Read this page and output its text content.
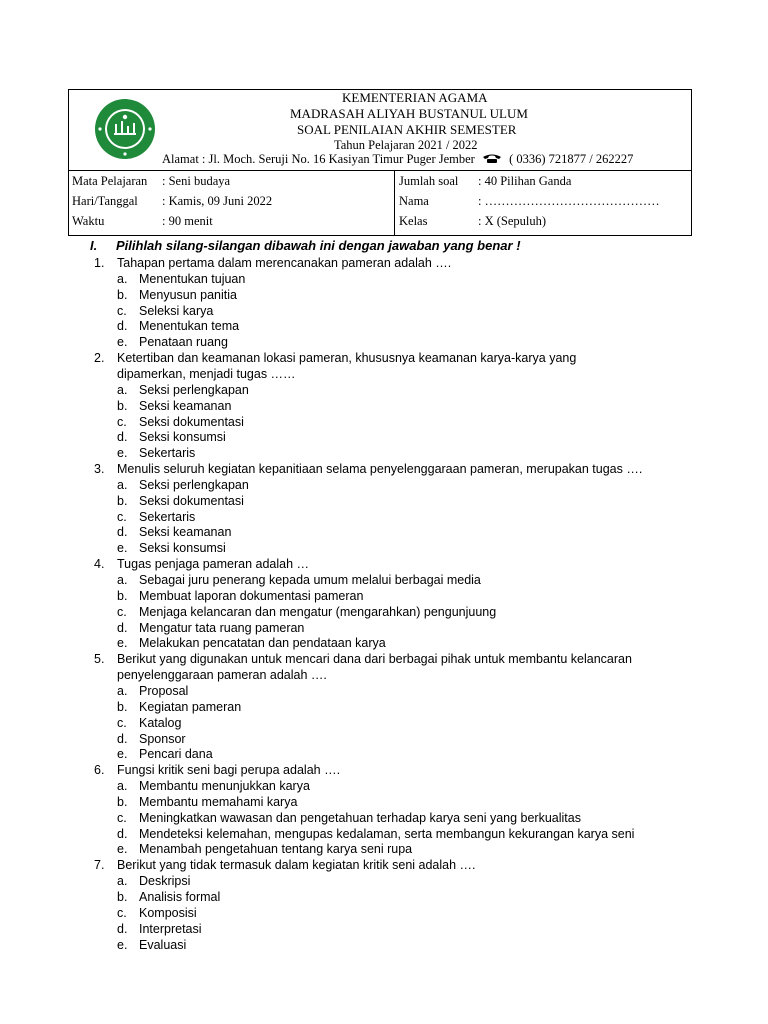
KEMENTERIAN AGAMA
MADRASAH ALIYAH BUSTANUL ULUM
SOAL PENILAIAN AKHIR SEMESTER
Tahun Pelajaran 2021 / 2022
Alamat : Jl. Moch. Seruji No. 16 Kasiyan Timur Puger Jember	( 0336) 721877 / 262227
Mata Pelajaran : Seni budaya
Hari/Tanggal : Kamis, 09 Juni 2022
Waktu	: 90 menit
Jumlah soal : 40 Pilihan Ganda
Nama	: ……………………………………
Kelas	: X (Sepuluh)
I. Pilihlah silang-silangan dibawah ini dengan jawaban yang benar !
1. Tahapan pertama dalam merencanakan pameran adalah ….
a. Menentukan tujuan
b. Menyusun panitia
c. Seleksi karya
d. Menentukan tema
e. Penataan ruang
2. Ketertiban dan keamanan lokasi pameran, khususnya keamanan karya-karya yang
dipamerkan, menjadi tugas ……
a. Seksi perlengkapan
b. Seksi keamanan
c. Seksi dokumentasi
d. Seksi konsumsi
e. Sekertaris
3. Menulis seluruh kegiatan kepanitiaan selama penyelenggaraan pameran, merupakan tugas ….
a. Seksi perlengkapan
b. Seksi dokumentasi
c. Sekertaris
d. Seksi keamanan
e. Seksi konsumsi
4. Tugas penjaga pameran adalah …
a. Sebagai juru penerang kepada umum melalui berbagai media
b. Membuat laporan dokumentasi pameran
c. Menjaga kelancaran dan mengatur (mengarahkan) pengunjuung
d. Mengatur tata ruang pameran
e. Melakukan pencatatan dan pendataan karya
5. Berikut yang digunakan untuk mencari dana dari berbagai pihak untuk membantu kelancaran
penyelenggaraan pameran adalah ….
a. Proposal
b. Kegiatan pameran
c. Katalog
d. Sponsor
e. Pencari dana
6. Fungsi kritik seni bagi perupa adalah ….
a. Membantu menunjukkan karya
b. Membantu memahami karya
c. Meningkatkan wawasan dan pengetahuan terhadap karya seni yang berkualitas
d. Mendeteksi kelemahan, mengupas kedalaman, serta membangun kekurangan karya seni
e. Menambah pengetahuan tentang karya seni rupa
7. Berikut yang tidak termasuk dalam kegiatan kritik seni adalah ….
a. Deskripsi
b. Analisis formal
c. Komposisi
d. Interpretasi
e. Evaluasi
